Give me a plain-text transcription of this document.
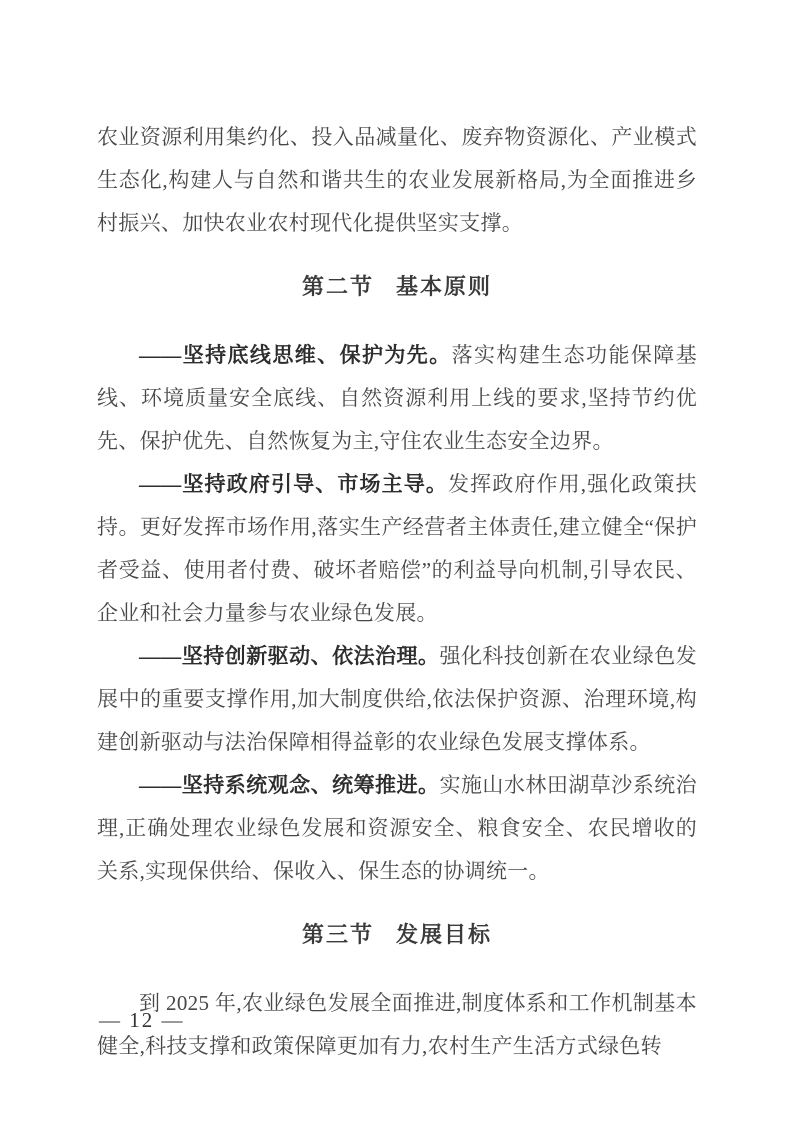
农业资源利用集约化、投入品减量化、废弃物资源化、产业模式生态化,构建人与自然和谐共生的农业发展新格局,为全面推进乡村振兴、加快农业农村现代化提供坚实支撑。

第二节 基本原则

——坚持底线思维、保护为先。落实构建生态功能保障基线、环境质量安全底线、自然资源利用上线的要求,坚持节约优先、保护优先、自然恢复为主,守住农业生态安全边界。

——坚持政府引导、市场主导。发挥政府作用,强化政策扶持。更好发挥市场作用,落实生产经营者主体责任,建立健全“保护者受益、使用者付费、破坏者赔偿”的利益导向机制,引导农民、企业和社会力量参与农业绿色发展。

——坚持创新驱动、依法治理。强化科技创新在农业绿色发展中的重要支撑作用,加大制度供给,依法保护资源、治理环境,构建创新驱动与法治保障相得益彰的农业绿色发展支撑体系。

——坚持系统观念、统筹推进。实施山水林田湖草沙系统治理,正确处理农业绿色发展和资源安全、粮食安全、农民增收的关系,实现保供给、保收入、保生态的协调统一。

第三节 发展目标

到 2025 年,农业绿色发展全面推进,制度体系和工作机制基本健全,科技支撑和政策保障更加有力,农村生产生活方式绿色转

— 12 —
